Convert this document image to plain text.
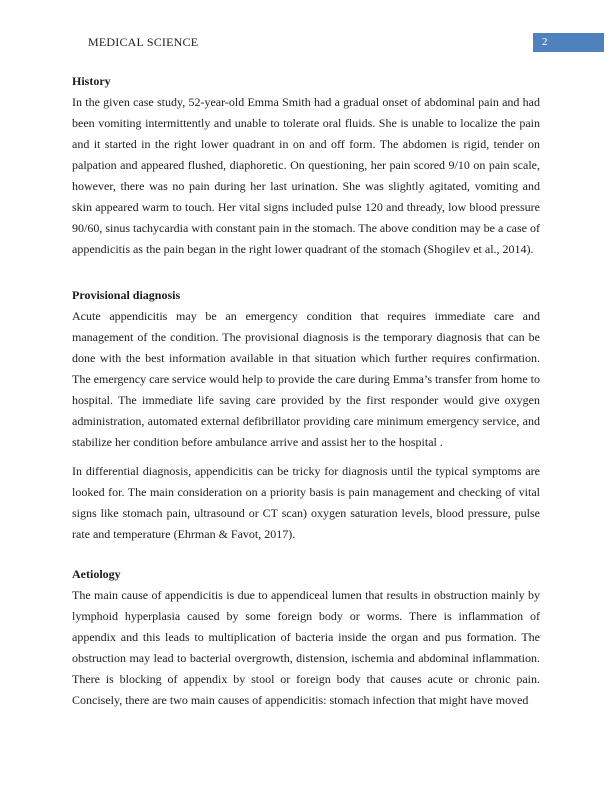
MEDICAL SCIENCE	2
History

In the given case study, 52-year-old Emma Smith had a gradual onset of abdominal pain and had been vomiting intermittently and unable to tolerate oral fluids. She is unable to localize the pain and it started in the right lower quadrant in on and off form. The abdomen is rigid, tender on palpation and appeared flushed, diaphoretic. On questioning, her pain scored 9/10 on pain scale, however, there was no pain during her last urination. She was slightly agitated, vomiting and skin appeared warm to touch. Her vital signs included pulse 120 and thready, low blood pressure 90/60, sinus tachycardia with constant pain in the stomach. The above condition may be a case of appendicitis as the pain began in the right lower quadrant of the stomach (Shogilev et al., 2014).

Provisional diagnosis

Acute appendicitis may be an emergency condition that requires immediate care and management of the condition. The provisional diagnosis is the temporary diagnosis that can be done with the best information available in that situation which further requires confirmation. The emergency care service would help to provide the care during Emma’s transfer from home to hospital. The immediate life saving care provided by the first responder would give oxygen administration, automated external defibrillator providing care minimum emergency service, and stabilize her condition before ambulance arrive and assist her to the hospital .

In differential diagnosis, appendicitis can be tricky for diagnosis until the typical symptoms are looked for. The main consideration on a priority basis is pain management and checking of vital signs like stomach pain, ultrasound or CT scan) oxygen saturation levels, blood pressure, pulse rate and temperature (Ehrman & Favot, 2017).

Aetiology

The main cause of appendicitis is due to appendiceal lumen that results in obstruction mainly by lymphoid hyperplasia caused by some foreign body or worms. There is inflammation of appendix and this leads to multiplication of bacteria inside the organ and pus formation. The obstruction may lead to bacterial overgrowth, distension, ischemia and abdominal inflammation. There is blocking of appendix by stool or foreign body that causes acute or chronic pain. Concisely, there are two main causes of appendicitis: stomach infection that might have moved
